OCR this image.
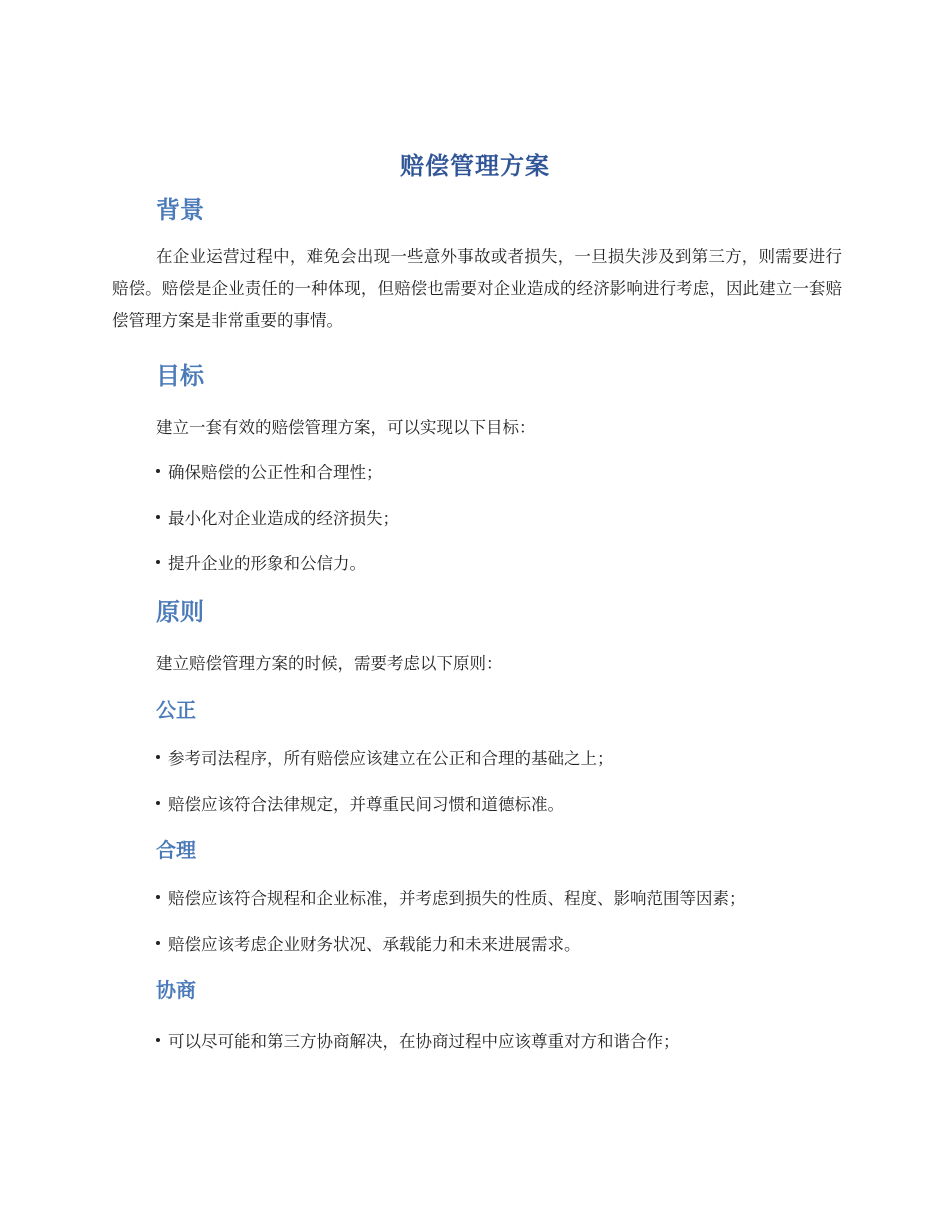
赔偿管理方案
背景
在企业运营过程中，难免会出现一些意外事故或者损失，一旦损失涉及到第三方，则需要进行赔偿。赔偿是企业责任的一种体现，但赔偿也需要对企业造成的经济影响进行考虑，因此建立一套赔偿管理方案是非常重要的事情。
目标
建立一套有效的赔偿管理方案，可以实现以下目标：
确保赔偿的公正性和合理性；
最小化对企业造成的经济损失；
提升企业的形象和公信力。
原则
建立赔偿管理方案的时候，需要考虑以下原则：
公正
参考司法程序，所有赔偿应该建立在公正和合理的基础之上；
赔偿应该符合法律规定，并尊重民间习惯和道德标准。
合理
赔偿应该符合规程和企业标准，并考虑到损失的性质、程度、影响范围等因素；
赔偿应该考虑企业财务状况、承载能力和未来进展需求。
协商
可以尽可能和第三方协商解决，在协商过程中应该尊重对方和谐合作；
